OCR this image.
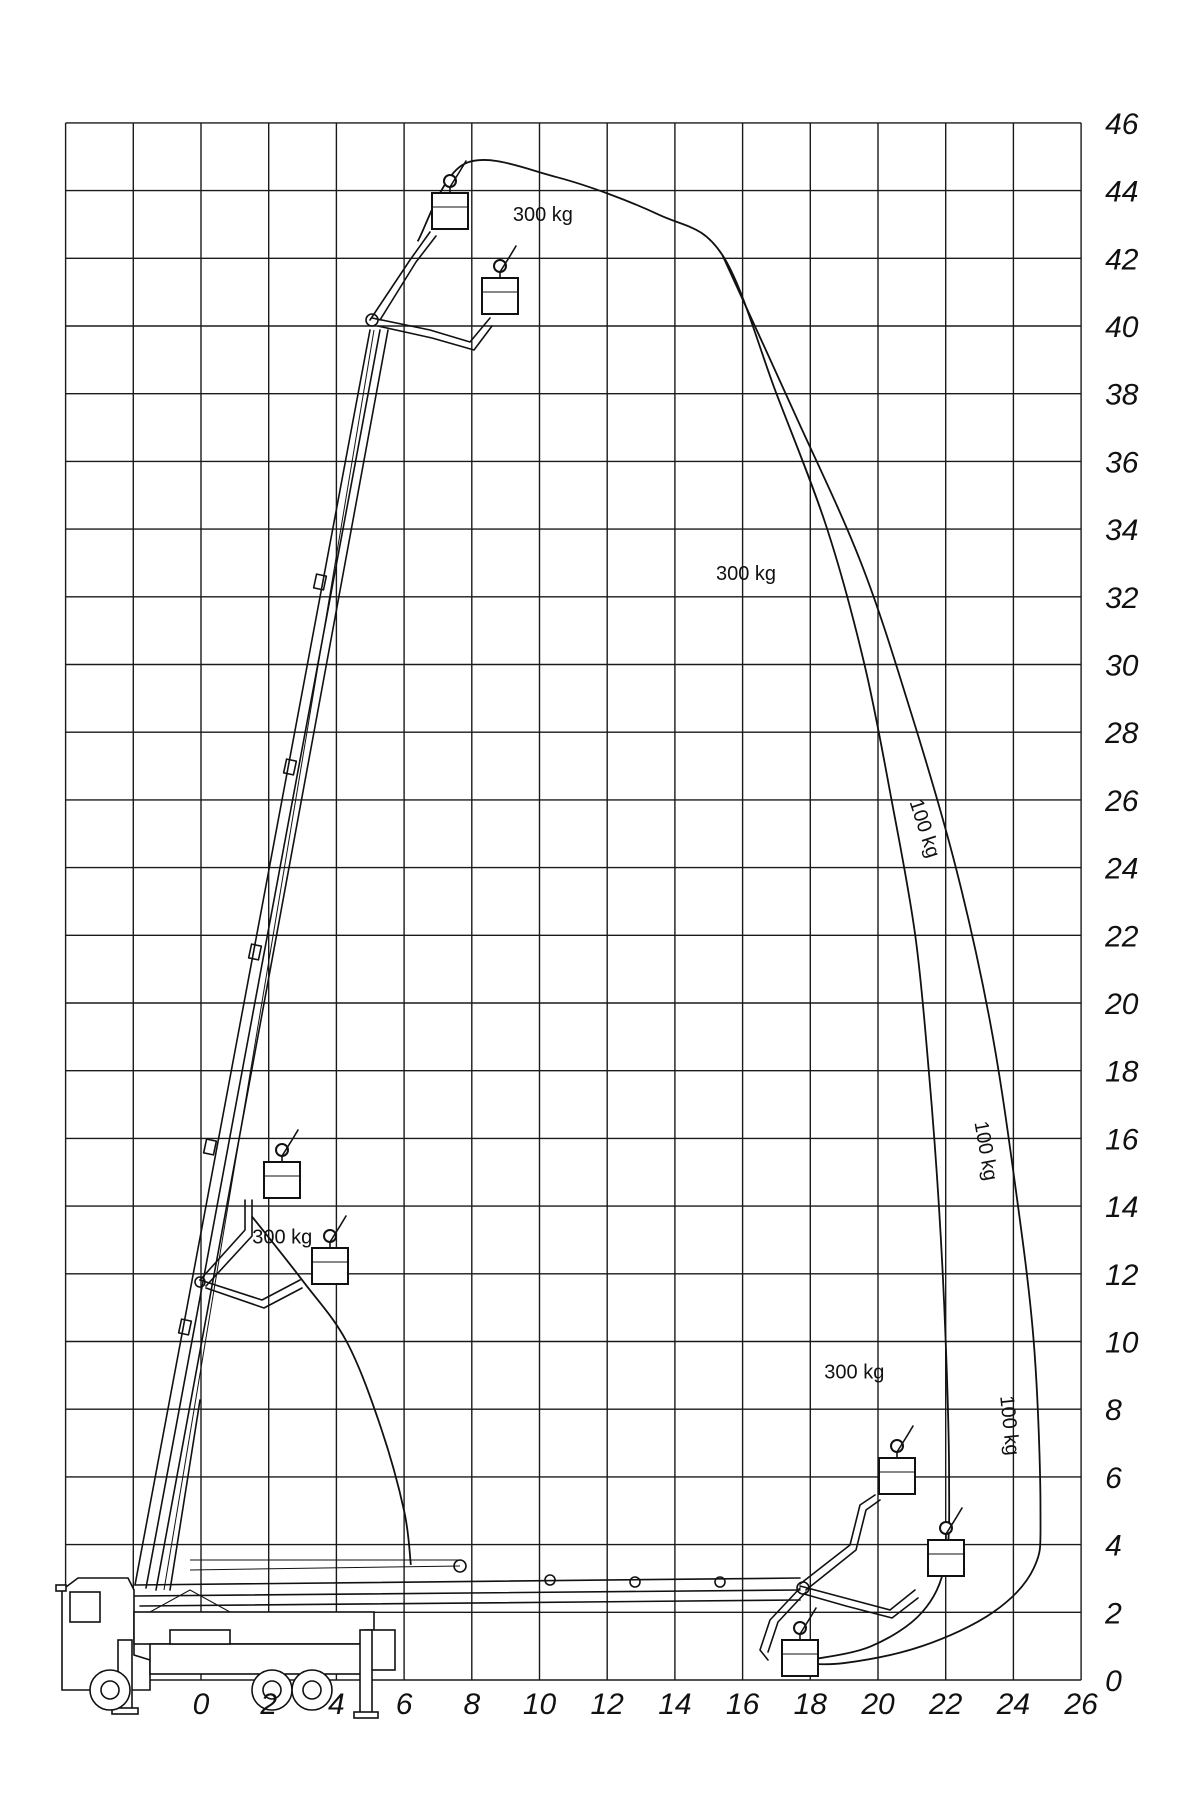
300 kg
300 kg
100 kg
100 kg
300 kg
300 kg
100 kg
0 2 4 6 8 10 12 14 16 18 20 22 24 26
0
2
4
6
8
10
12
14
16
18
20
22
24
26
28
30
32
34
36
38
40
42
44
46
